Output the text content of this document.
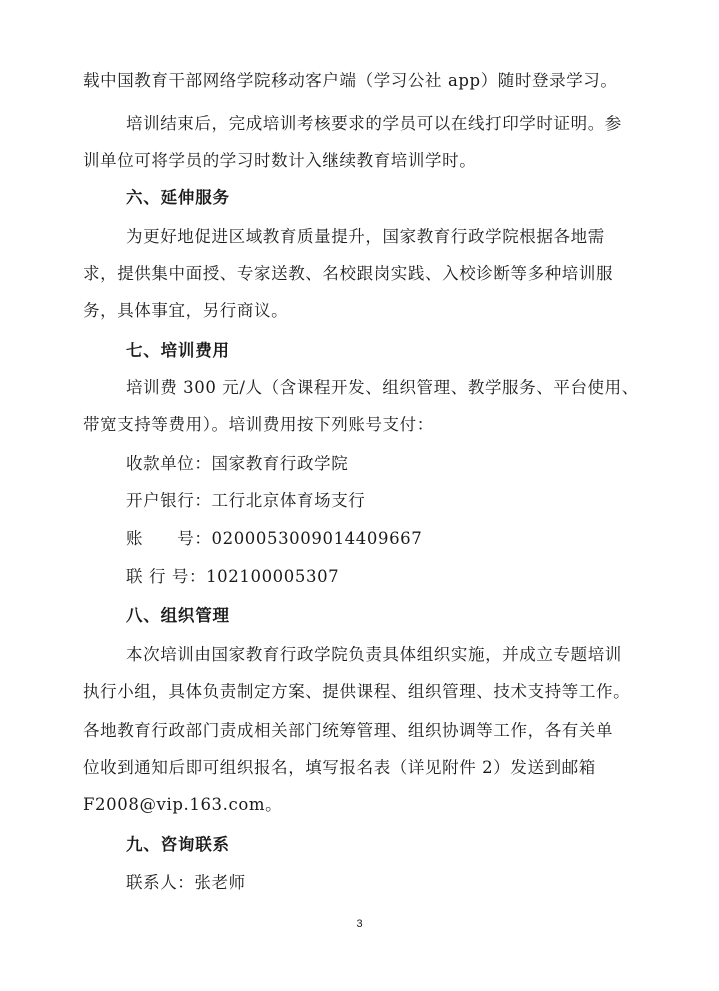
载中国教育干部网络学院移动客户端（学习公社 app）随时登录学习。
培训结束后，完成培训考核要求的学员可以在线打印学时证明。参
训单位可将学员的学习时数计入继续教育培训学时。
六、延伸服务
为更好地促进区域教育质量提升，国家教育行政学院根据各地需
求，提供集中面授、专家送教、名校跟岗实践、入校诊断等多种培训服
务，具体事宜，另行商议。
七、培训费用
培训费 300 元/人（含课程开发、组织管理、教学服务、平台使用、
带宽支持等费用）。培训费用按下列账号支付：
收款单位：国家教育行政学院
开户银行：工行北京体育场支行
账　　号：0200053009014409667
联 行 号：102100005307
八、组织管理
本次培训由国家教育行政学院负责具体组织实施，并成立专题培训
执行小组，具体负责制定方案、提供课程、组织管理、技术支持等工作。
各地教育行政部门责成相关部门统筹管理、组织协调等工作，各有关单
位收到通知后即可组织报名，填写报名表（详见附件 2）发送到邮箱
F2008@vip.163.com。
九、咨询联系
联系人：张老师
3
